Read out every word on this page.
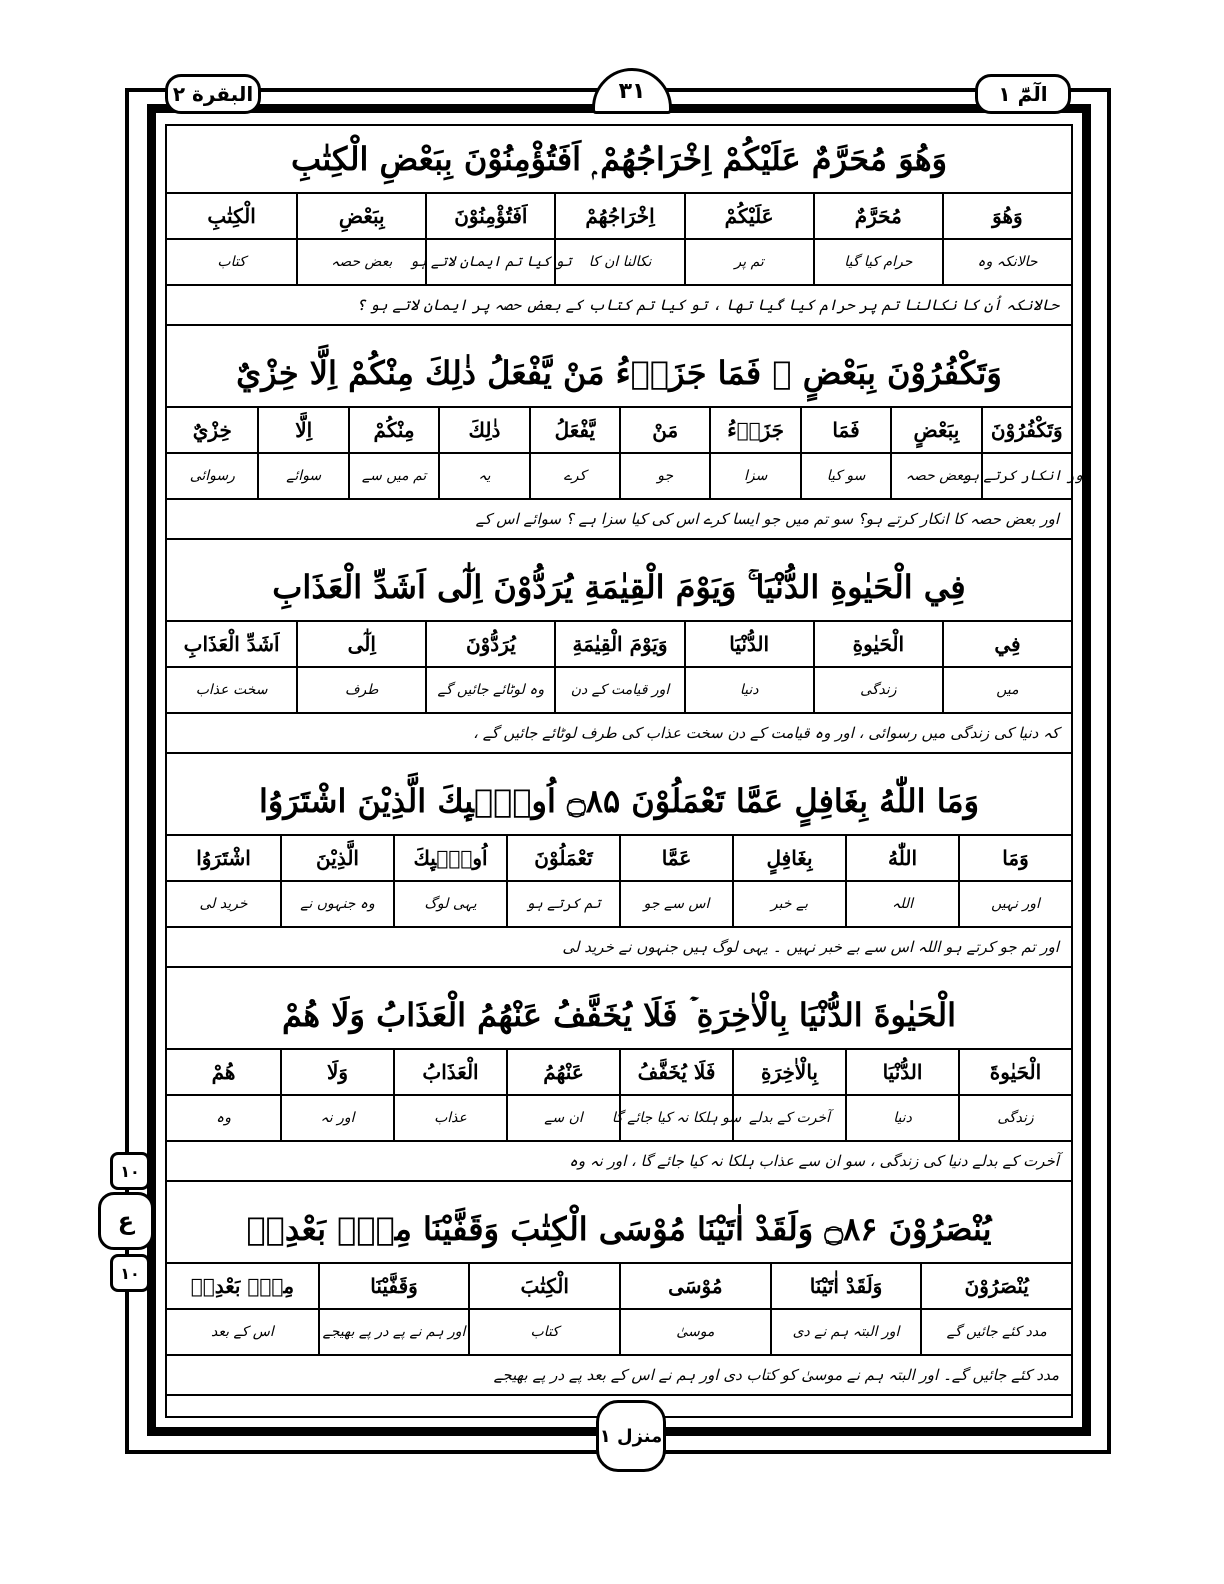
البقرة ٢	الٓمّٓ ١
۳۱
وَهُوَ مُحَرَّمٌ عَلَيْكُمْ اِخْرَاجُهُمْ ۭ اَفَتُؤْمِنُوْنَ بِبَعْضِ الْكِتٰبِ
وَهُوَ
حالانکہ وہ
مُحَرَّمٌ
حرام کیا گیا
عَلَيْكُمْ
تم پر
اِخْرَاجُهُمْ
نکالنا ان کا
اَفَتُؤْمِنُوْنَ
تو کیا تم ایمان لاتے ہو
بِبَعْضِ
بعض حصہ
الْكِتٰبِ
کتاب
حالانکہ اُن کا نکالنا تم پر حرام کیا گیا تھا ، تو کیا تم کتاب کے بعض حصہ پر ایمان لاتے ہو ؟
وَتَكْفُرُوْنَ بِبَعْضٍ ۚ فَمَا جَزَاۗءُ مَنْ يَّفْعَلُ ذٰلِكَ مِنْكُمْ اِلَّا خِزْيٌ
وَتَكْفُرُوْنَ
اور انکار کرتے ہو
بِبَعْضٍ
بعض حصہ
فَمَا
سو کیا
جَزَاۗءُ
سزا
مَنْ
جو
يَّفْعَلُ
کرے
ذٰلِكَ
یہ
مِنْكُمْ
تم میں سے
اِلَّا
سوائے
خِزْيٌ
رسوائی
اور بعض حصہ کا انکار کرتے ہو؟ سو تم میں جو ایسا کرے اس کی کیا سزا ہے ؟ سوائے اس کے
فِي الْحَيٰوةِ الدُّنْيَا ۚ وَيَوْمَ الْقِيٰمَةِ يُرَدُّوْنَ اِلٰٓى اَشَدِّ الْعَذَابِ
فِي
میں
الْحَيٰوةِ
زندگی
الدُّنْيَا
دنیا
وَيَوْمَ الْقِيٰمَةِ
اور قیامت کے دن
يُرَدُّوْنَ
وہ لوٹائے جائیں گے
اِلٰٓى
طرف
اَشَدِّ الْعَذَابِ
سخت عذاب
کہ دنیا کی زندگی میں رسوائی ، اور وہ قیامت کے دن سخت عذاب کی طرف لوٹائے جائیں گے ،
وَمَا اللّٰهُ بِغَافِلٍ عَمَّا تَعْمَلُوْنَ ۝۸۵ اُولٰۗىِٕكَ الَّذِيْنَ اشْتَرَوُا
وَمَا
اور نہیں
اللّٰهُ
اللہ
بِغَافِلٍ
بے خبر
عَمَّا
اس سے جو
تَعْمَلُوْنَ
تم کرتے ہو
اُولٰۗىِٕكَ
یہی لوگ
الَّذِيْنَ
وہ جنہوں نے
اشْتَرَوُا
خرید لی
اور تم جو کرتے ہو اللہ اس سے بے خبر نہیں ۔ یہی لوگ ہیں جنہوں نے خرید لی
الْحَيٰوةَ الدُّنْيَا بِالْاٰخِرَةِ ۡ فَلَا يُخَفَّفُ عَنْهُمُ الْعَذَابُ وَلَا هُمْ
الْحَيٰوةَ
زندگی
الدُّنْيَا
دنیا
بِالْاٰخِرَةِ
آخرت کے بدلے
فَلَا يُخَفَّفُ
سو ہلکا نہ کیا جائے گا
عَنْهُمُ
ان سے
الْعَذَابُ
عذاب
وَلَا
اور نہ
هُمْ
وہ
آخرت کے بدلے دنیا کی زندگی ، سو ان سے عذاب ہلکا نہ کیا جائے گا ، اور نہ وہ
يُنْصَرُوْنَ ۝۸۶ وَلَقَدْ اٰتَيْنَا مُوْسَى الْكِتٰبَ وَقَفَّيْنَا مِنْۢ بَعْدِهٖ
يُنْصَرُوْنَ
مدد کئے جائیں گے
وَلَقَدْ اٰتَيْنَا
اور البتہ ہم نے دی
مُوْسَى
موسیٰ
الْكِتٰبَ
کتاب
وَقَفَّيْنَا
اور ہم نے پے در پے بھیجے
مِنْۢ بَعْدِهٖ
اس کے بعد
مدد کئے جائیں گے۔ اور البتہ ہم نے موسیٰ کو کتاب دی اور ہم نے اس کے بعد پے در پے بھیجے
١٠
ع
١٠
منزل ١
